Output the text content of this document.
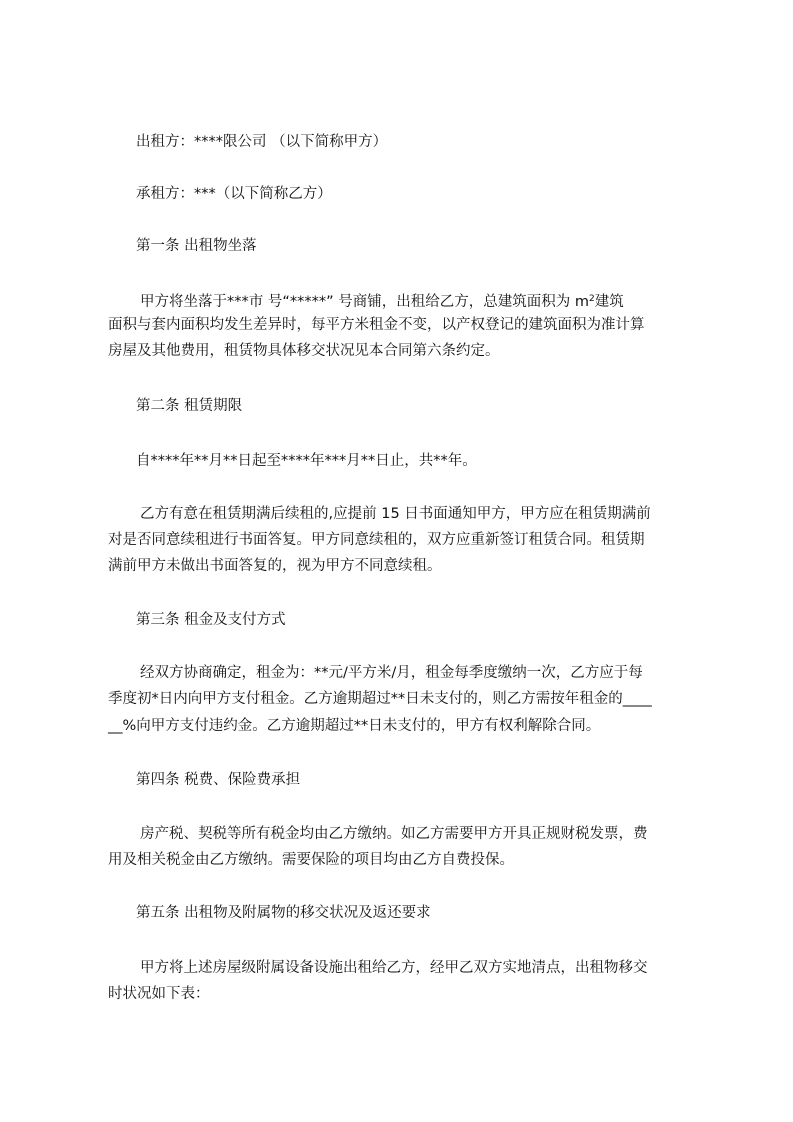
出租方：****限公司 （以下简称甲方）
承租方：***（以下简称乙方）
第一条 出租物坐落
甲方将坐落于***市 号“*****” 号商铺，出租给乙方，总建筑面积为 $m^2$建筑
面积与套内面积均发生差异时，每平方米租金不变，以产权登记的建筑面积为准计算
房屋及其他费用，租赁物具体移交状况见本合同第六条约定。
第二条 租赁期限
自****年**月**日起至****年***月**日止，共**年。
乙方有意在租赁期满后续租的,应提前 15 日书面通知甲方，甲方应在租赁期满前
对是否同意续租进行书面答复。甲方同意续租的，双方应重新签订租赁合同。租赁期
满前甲方未做出书面答复的，视为甲方不同意续租。
第三条 租金及支付方式
经双方协商确定，租金为：**元/平方米/月，租金每季度缴纳一次，乙方应于每
季度初*日内向甲方支付租金。乙方逾期超过**日未支付的，则乙方需按年租金的____
__%向甲方支付违约金。乙方逾期超过**日未支付的，甲方有权利解除合同。
第四条 税费、保险费承担
房产税、契税等所有税金均由乙方缴纳。如乙方需要甲方开具正规财税发票，费
用及相关税金由乙方缴纳。需要保险的项目均由乙方自费投保。
第五条 出租物及附属物的移交状况及返还要求
甲方将上述房屋级附属设备设施出租给乙方，经甲乙双方实地清点，出租物移交
时状况如下表：
